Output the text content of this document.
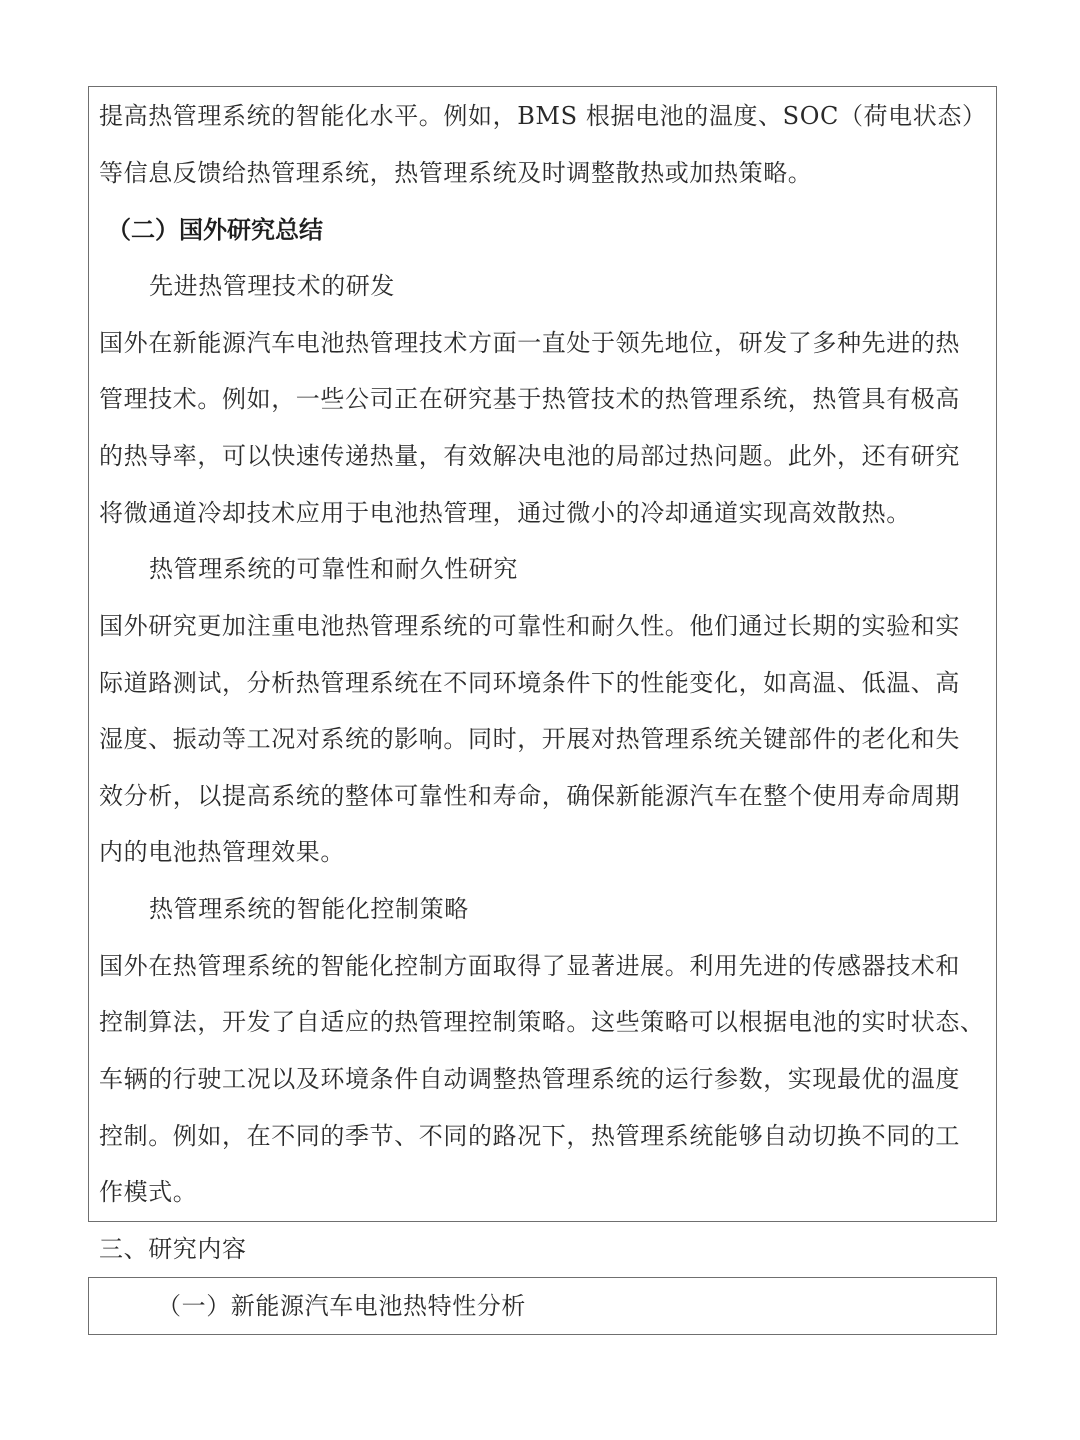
提高热管理系统的智能化水平。例如，BMS 根据电池的温度、SOC（荷电状态）
等信息反馈给热管理系统，热管理系统及时调整散热或加热策略。
（二）国外研究总结
先进热管理技术的研发
国外在新能源汽车电池热管理技术方面一直处于领先地位，研发了多种先进的热
管理技术。例如，一些公司正在研究基于热管技术的热管理系统，热管具有极高
的热导率，可以快速传递热量，有效解决电池的局部过热问题。此外，还有研究
将微通道冷却技术应用于电池热管理，通过微小的冷却通道实现高效散热。
热管理系统的可靠性和耐久性研究
国外研究更加注重电池热管理系统的可靠性和耐久性。他们通过长期的实验和实
际道路测试，分析热管理系统在不同环境条件下的性能变化，如高温、低温、高
湿度、振动等工况对系统的影响。同时，开展对热管理系统关键部件的老化和失
效分析，以提高系统的整体可靠性和寿命，确保新能源汽车在整个使用寿命周期
内的电池热管理效果。
热管理系统的智能化控制策略
国外在热管理系统的智能化控制方面取得了显著进展。利用先进的传感器技术和
控制算法，开发了自适应的热管理控制策略。这些策略可以根据电池的实时状态、
车辆的行驶工况以及环境条件自动调整热管理系统的运行参数，实现最优的温度
控制。例如，在不同的季节、不同的路况下，热管理系统能够自动切换不同的工
作模式。
三、研究内容
（一）新能源汽车电池热特性分析
